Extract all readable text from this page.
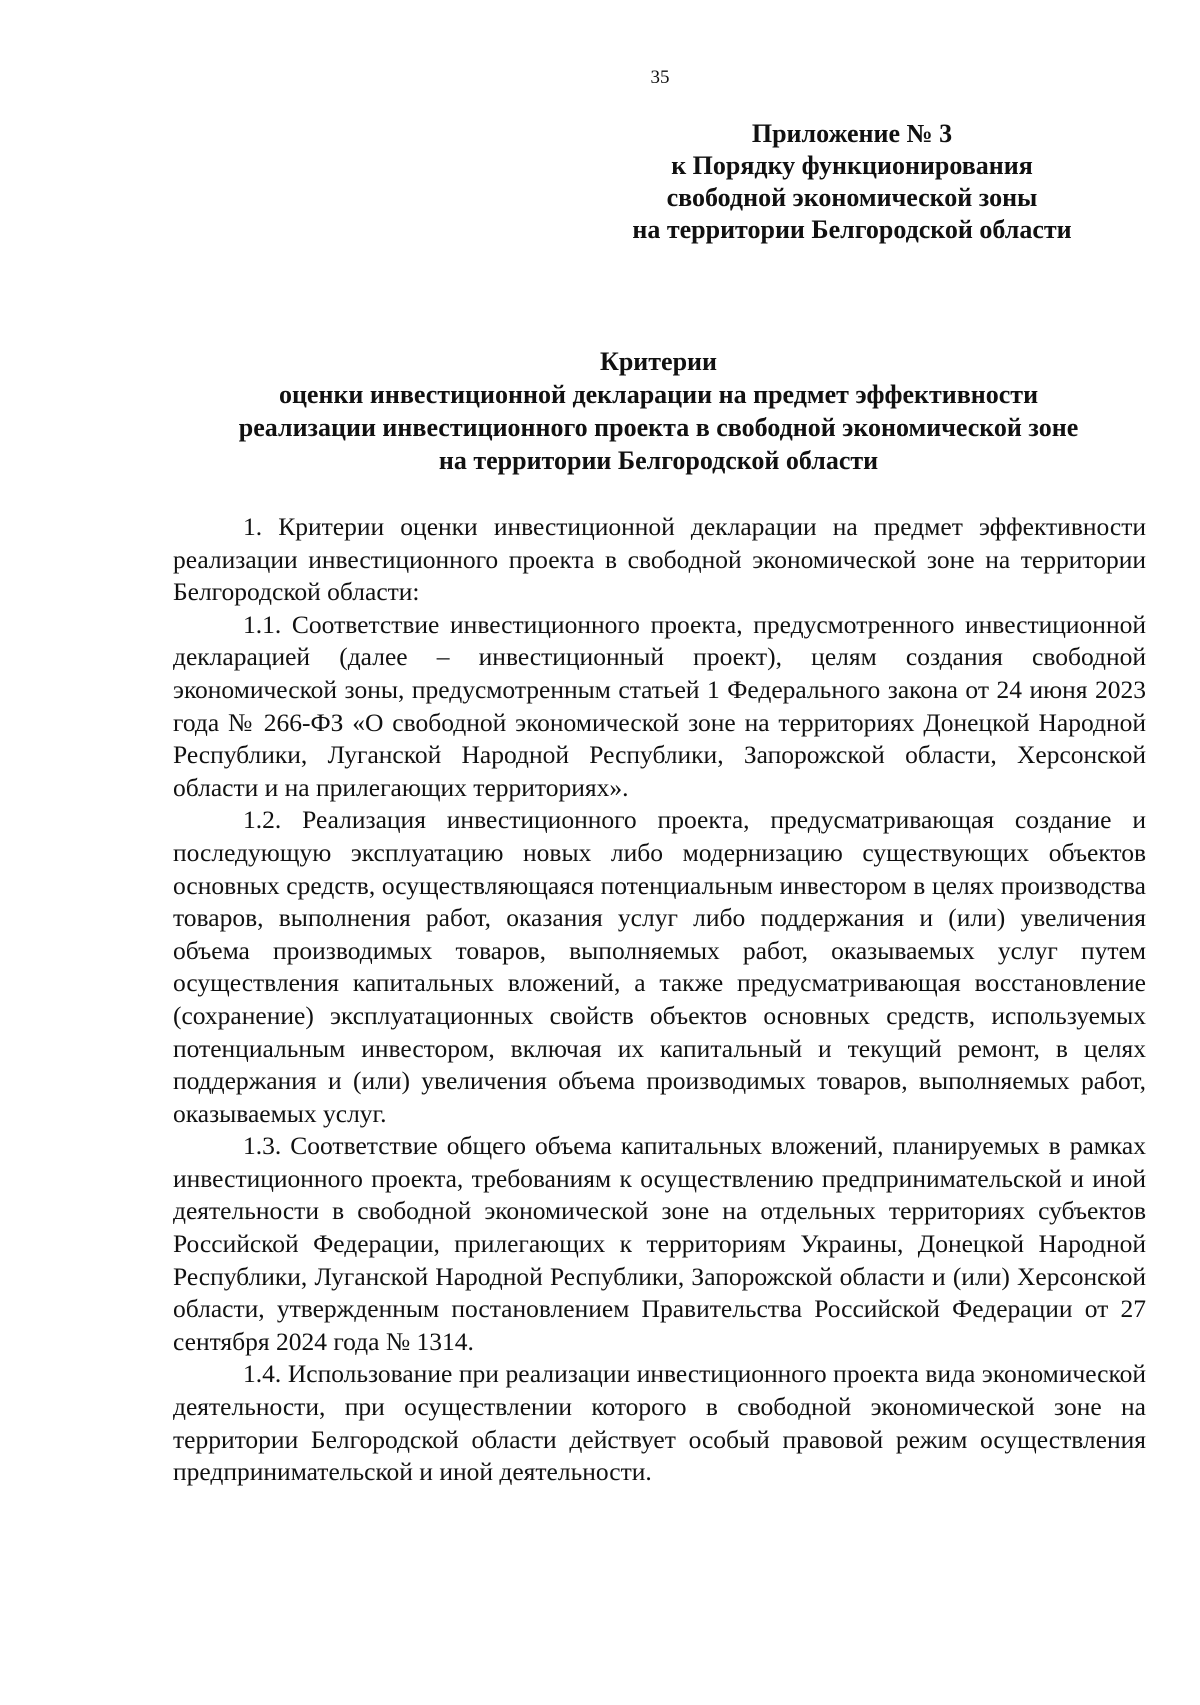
35
Приложение № 3
к Порядку функционирования
свободной экономической зоны
на территории Белгородской области
Критерии
оценки инвестиционной декларации на предмет эффективности
реализации инвестиционного проекта в свободной экономической зоне
на территории Белгородской области

1. Критерии оценки инвестиционной декларации на предмет эффективности реализации инвестиционного проекта в свободной экономической зоне на территории Белгородской области:

1.1. Соответствие инвестиционного проекта, предусмотренного инвестиционной декларацией (далее – инвестиционный проект), целям создания свободной экономической зоны, предусмотренным статьей 1 Федерального закона от 24 июня 2023 года № 266-ФЗ «О свободной экономической зоне на территориях Донецкой Народной Республики, Луганской Народной Республики, Запорожской области, Херсонской области и на прилегающих территориях».

1.2. Реализация инвестиционного проекта, предусматривающая создание и последующую эксплуатацию новых либо модернизацию существующих объектов основных средств, осуществляющаяся потенциальным инвестором в целях производства товаров, выполнения работ, оказания услуг либо поддержания и (или) увеличения объема производимых товаров, выполняемых работ, оказываемых услуг путем осуществления капитальных вложений, а также предусматривающая восстановление (сохранение) эксплуатационных свойств объектов основных средств, используемых потенциальным инвестором, включая их капитальный и текущий ремонт, в целях поддержания и (или) увеличения объема производимых товаров, выполняемых работ, оказываемых услуг.

1.3. Соответствие общего объема капитальных вложений, планируемых в рамках инвестиционного проекта, требованиям к осуществлению предпринимательской и иной деятельности в свободной экономической зоне на отдельных территориях субъектов Российской Федерации, прилегающих к территориям Украины, Донецкой Народной Республики, Луганской Народной Республики, Запорожской области и (или) Херсонской области, утвержденным постановлением Правительства Российской Федерации от 27 сентября 2024 года № 1314.

1.4. Использование при реализации инвестиционного проекта вида экономической деятельности, при осуществлении которого в свободной экономической зоне на территории Белгородской области действует особый правовой режим осуществления предпринимательской и иной деятельности.
